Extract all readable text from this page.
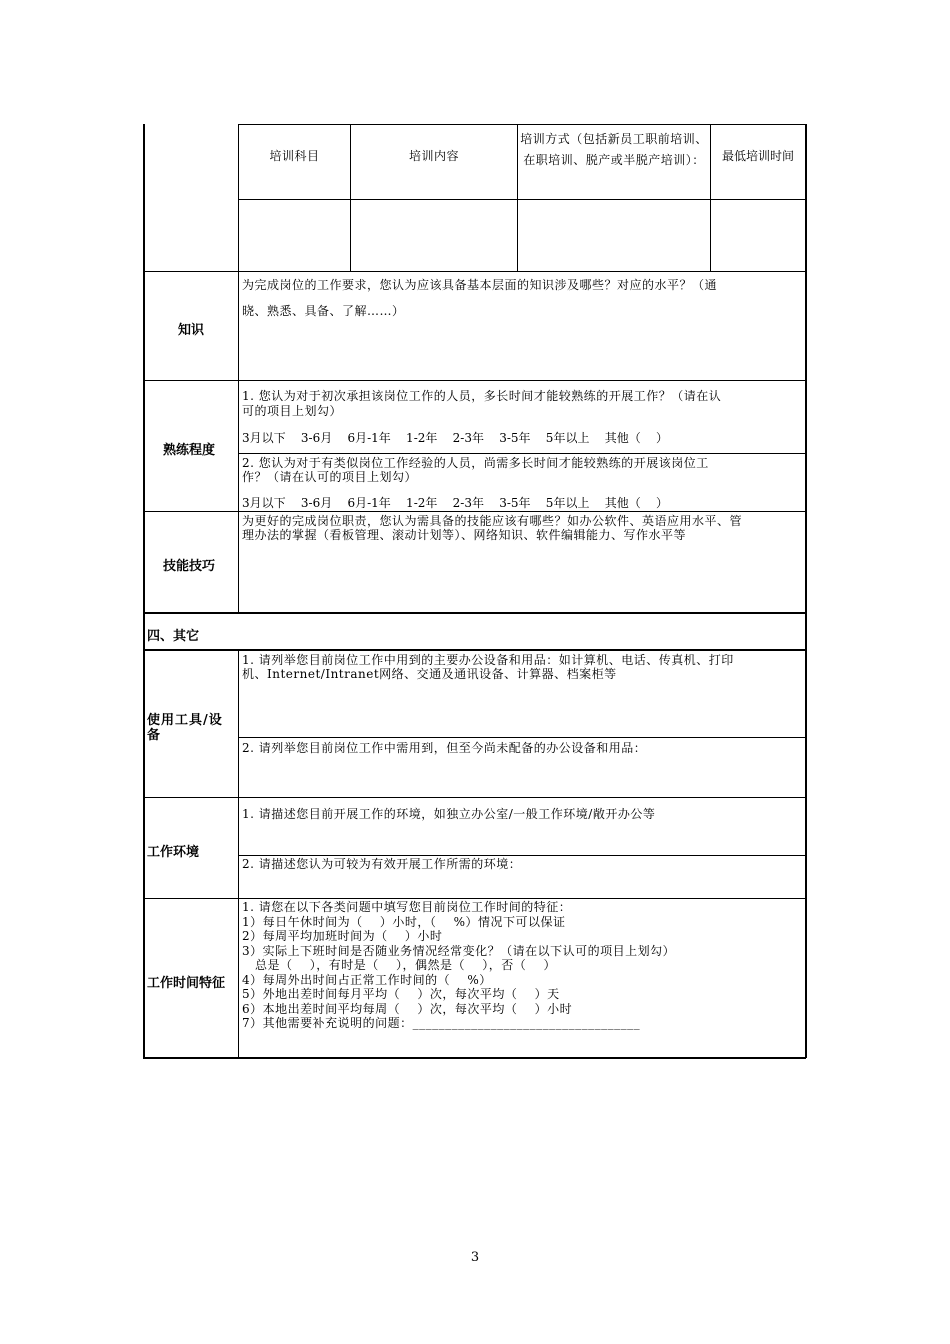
培训科目	培训内容
培训方式（包括新员工职前培训、在职培训、脱产或半脱产培训）：	最低培训时间
知识
为完成岗位的工作要求，您认为应该具备基本层面的知识涉及哪些？对应的水平？（通
晓、熟悉、具备、了解……）
熟练程度
1. 您认为对于初次承担该岗位工作的人员，多长时间才能较熟练的开展工作？（请在认
可的项目上划勾）
3月以下    3-6月    6月-1年    1-2年    2-3年    3-5年    5年以上    其他（    ）
2. 您认为对于有类似岗位工作经验的人员，尚需多长时间才能较熟练的开展该岗位工
作？（请在认可的项目上划勾）
3月以下    3-6月    6月-1年    1-2年    2-3年    3-5年    5年以上    其他（    ）
技能技巧
为更好的完成岗位职责，您认为需具备的技能应该有哪些？如办公软件、英语应用水平、管
理办法的掌握（看板管理、滚动计划等）、网络知识、软件编辑能力、写作水平等
四、其它
使用工具/设
备
1. 请列举您目前岗位工作中用到的主要办公设备和用品：如计算机、电话、传真机、打印
机、Internet/Intranet网络、交通及通讯设备、计算器、档案柜等
2. 请列举您目前岗位工作中需用到，但至今尚未配备的办公设备和用品：
工作环境
1. 请描述您目前开展工作的环境，如独立办公室/一般工作环境/敞开办公等
2. 请描述您认为可较为有效开展工作所需的环境：
工作时间特征
1. 请您在以下各类问题中填写您目前岗位工作时间的特征：
1）每日午休时间为（    ）小时，（    %）情况下可以保证
2）每周平均加班时间为（    ）小时
3）实际上下班时间是否随业务情况经常变化？（请在以下认可的项目上划勾）
总是（    ），有时是（    ），偶然是（    ），否（    ）
4）每周外出时间占正常工作时间的（    %）
5）外地出差时间每月平均（    ）次，每次平均（    ）天
6）本地出差时间平均每周（    ）次，每次平均（    ）小时
7）其他需要补充说明的问题：___________________________________
3
